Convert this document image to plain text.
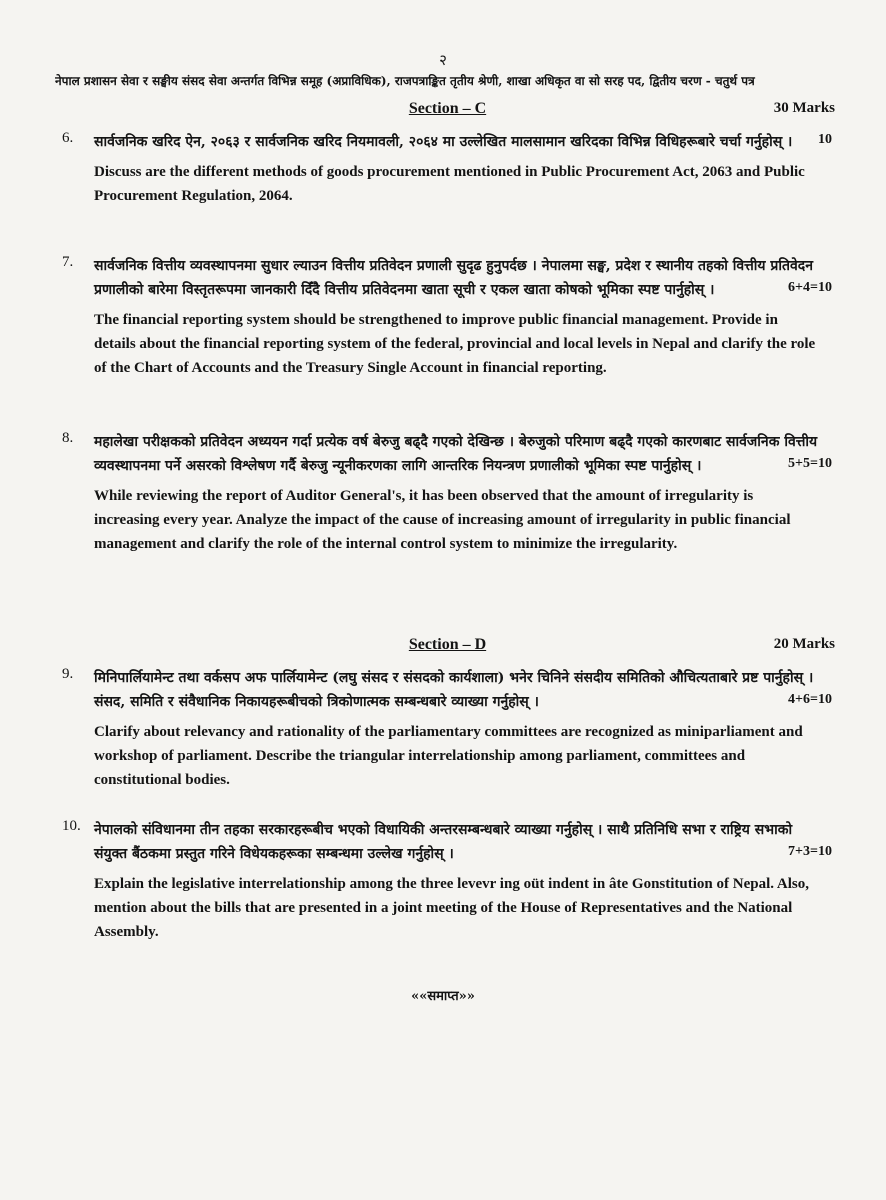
२
नेपाल प्रशासन सेवा र सङ्घीय संसद सेवा अन्तर्गत विभिन्न समूह (अप्राविधिक), राजपत्राङ्कित तृतीय श्रेणी, शाखा अधिकृत वा सो सरह पद, द्वितीय चरण - चतुर्थ पत्र
Section – C	30 Marks
6. सार्वजनिक खरिद ऐन, २०६३ र सार्वजनिक खरिद नियमावली, २०६४ मा उल्लेखित मालसामान खरिदका विभिन्न विधिहरूबारे चर्चा गर्नुहोस् । 10
Discuss are the different methods of goods procurement mentioned in Public Procurement Act, 2063 and Public Procurement Regulation, 2064.
7. सार्वजनिक वित्तीय व्यवस्थापनमा सुधार ल्याउन वित्तीय प्रतिवेदन प्रणाली सुदृढ हुनुपर्दछ । नेपालमा सङ्घ, प्रदेश र स्थानीय तहको वित्तीय प्रतिवेदन प्रणालीको बारेमा विस्तृतरूपमा जानकारी दिँदै वित्तीय प्रतिवेदनमा खाता सूची र एकल खाता कोषको भूमिका स्पष्ट पार्नुहोस् ।	6+4=10
The financial reporting system should be strengthened to improve public financial management. Provide in details about the financial reporting system of the federal, provincial and local levels in Nepal and clarify the role of the Chart of Accounts and the Treasury Single Account in financial reporting.
8. महालेखा परीक्षकको प्रतिवेदन अध्ययन गर्दा प्रत्येक वर्ष बेरुजु बढ्दै गएको देखिन्छ । बेरुजुको परिमाण बढ्दै गएको कारणबाट सार्वजनिक वित्तीय व्यवस्थापनमा पर्ने असरको विश्लेषण गर्दै बेरुजु न्यूनीकरणका लागि आन्तरिक नियन्त्रण प्रणालीको भूमिका स्पष्ट पार्नुहोस् ।	5+5=10
While reviewing the report of Auditor General's, it has been observed that the amount of irregularity is increasing every year. Analyze the impact of the cause of increasing amount of irregularity in public financial management and clarify the role of the internal control system to minimize the irregularity.
Section – D	20 Marks
9. मिनिपार्लियामेन्ट तथा वर्कसप अफ पार्लियामेन्ट (लघु संसद र संसदको कार्यशाला) भनेर चिनिने संसदीय समितिको औचित्यताबारे प्रष्ट पार्नुहोस् । संसद, समिति र संवैधानिक निकायहरूबीचको त्रिकोणात्मक सम्बन्धबारे व्याख्या गर्नुहोस् ।	4+6=10
Clarify about relevancy and rationality of the parliamentary committees are recognized as miniparliament and workshop of parliament. Describe the triangular interrelationship among parliament, committees and constitutional bodies.
10. नेपालको संविधानमा तीन तहका सरकारहरूबीच भएको विधायिकी अन्तरसम्बन्धबारे व्याख्या गर्नुहोस् । साथै प्रतिनिधि सभा र राष्ट्रिय सभाको संयुक्त बैंठकमा प्रस्तुत गरिने विधेयकहरूका सम्बन्धमा उल्लेख गर्नुहोस् ।	7+3=10
Explain the legislative interrelationship among the three levevr ing oüt indent in âte Gonstitution of Nepal. Also, mention about the bills that are presented in a joint meeting of the House of Representatives and the National Assembly.
««समाप्त»»
